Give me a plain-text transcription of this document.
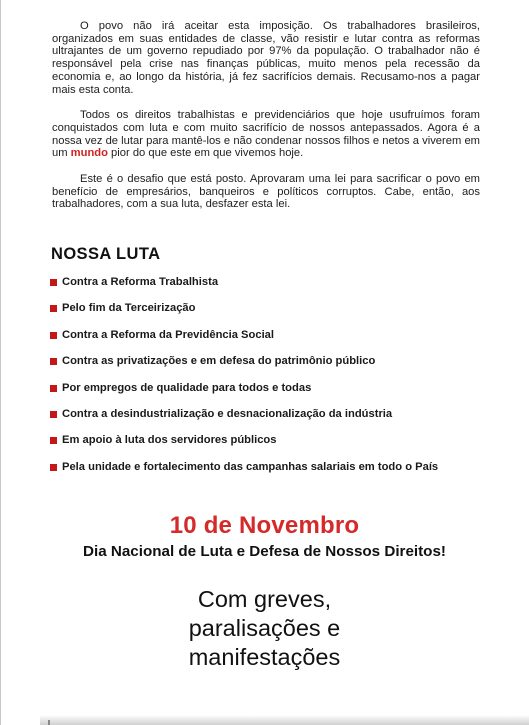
O povo não irá aceitar esta imposição. Os trabalhadores brasileiros, organizados em suas entidades de classe, vão resistir e lutar contra as reformas ultrajantes de um governo repudiado por 97% da população. O trabalhador não é responsável pela crise nas finanças públicas, muito menos pela recessão da economia e, ao longo da história, já fez sacrifícios demais. Recusamo-nos a pagar mais esta conta.

Todos os direitos trabalhistas e previdenciários que hoje usufruímos foram conquistados com luta e com muito sacrifício de nossos antepassados. Agora é a nossa vez de lutar para mantê-los e não condenar nossos filhos e netos a viverem em um mundo pior do que este em que vivemos hoje.

Este é o desafio que está posto. Aprovaram uma lei para sacrificar o povo em benefício de empresários, banqueiros e políticos corruptos. Cabe, então, aos trabalhadores, com a sua luta, desfazer esta lei.

NOSSA LUTA
Contra a Reforma Trabalhista
Pelo fim da Terceirização
Contra a Reforma da Previdência Social
Contra as privatizações e em defesa do patrimônio público
Por empregos de qualidade para todos e todas
Contra a desindustrialização e desnacionalização da indústria
Em apoio à luta dos servidores públicos
Pela unidade e fortalecimento das campanhas salariais em todo o País
10 de Novembro
Dia Nacional de Luta e Defesa de Nossos Direitos!
Com greves,
paralisações e
manifestações
